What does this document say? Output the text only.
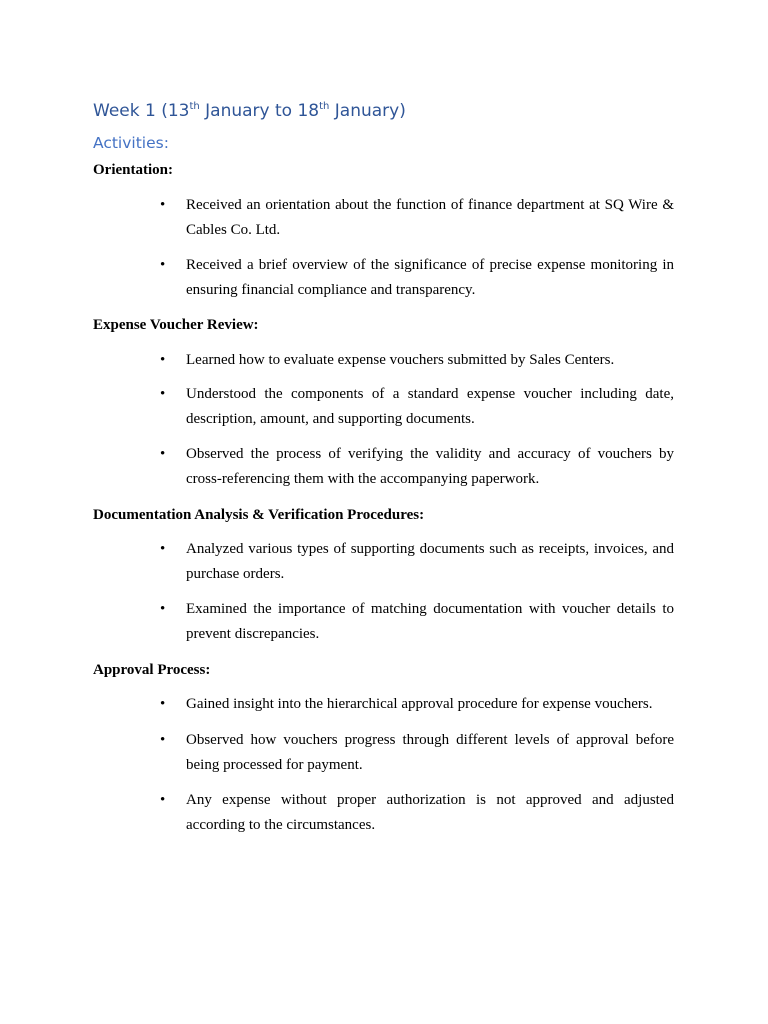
Week 1 (13th January to 18th January)
Activities:
Orientation:
•	Received an orientation about the function of finance department at SQ Wire & Cables Co. Ltd.
•	Received a brief overview of the significance of precise expense monitoring in ensuring financial compliance and transparency.
Expense Voucher Review:
•	Learned how to evaluate expense vouchers submitted by Sales Centers.
•	Understood the components of a standard expense voucher including date, description, amount, and supporting documents.
•	Observed the process of verifying the validity and accuracy of vouchers by cross-referencing them with the accompanying paperwork.
Documentation Analysis & Verification Procedures:
•	Analyzed various types of supporting documents such as receipts, invoices, and purchase orders.
•	Examined the importance of matching documentation with voucher details to prevent discrepancies.
Approval Process:
•	Gained insight into the hierarchical approval procedure for expense vouchers.
•	Observed how vouchers progress through different levels of approval before being processed for payment.
•	Any expense without proper authorization is not approved and adjusted according to the circumstances.
